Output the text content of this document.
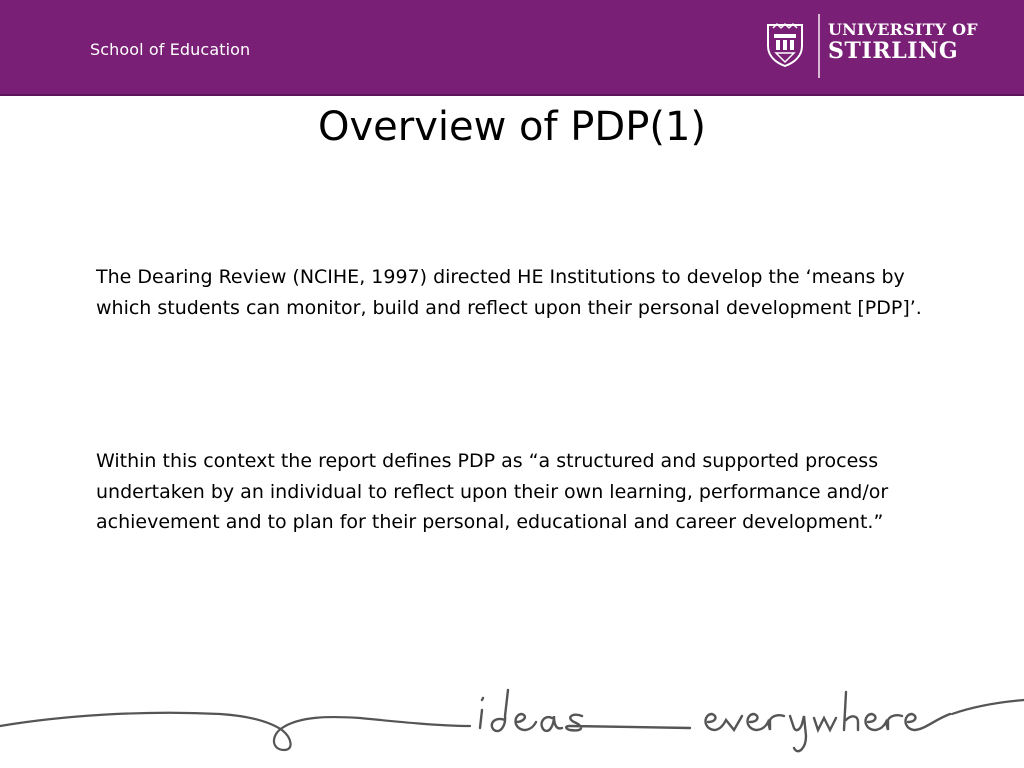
School of Education
UNIVERSITY OF
STIRLING
Overview of PDP(1)
The Dearing Review (NCIHE, 1997) directed HE Institutions to develop the ‘means by which students can monitor, build and reflect upon their personal development [PDP]’.
Within this context the report defines PDP as “a structured and supported process undertaken by an individual to reflect upon their own learning, performance and/or achievement and to plan for their personal, educational and career development.”
